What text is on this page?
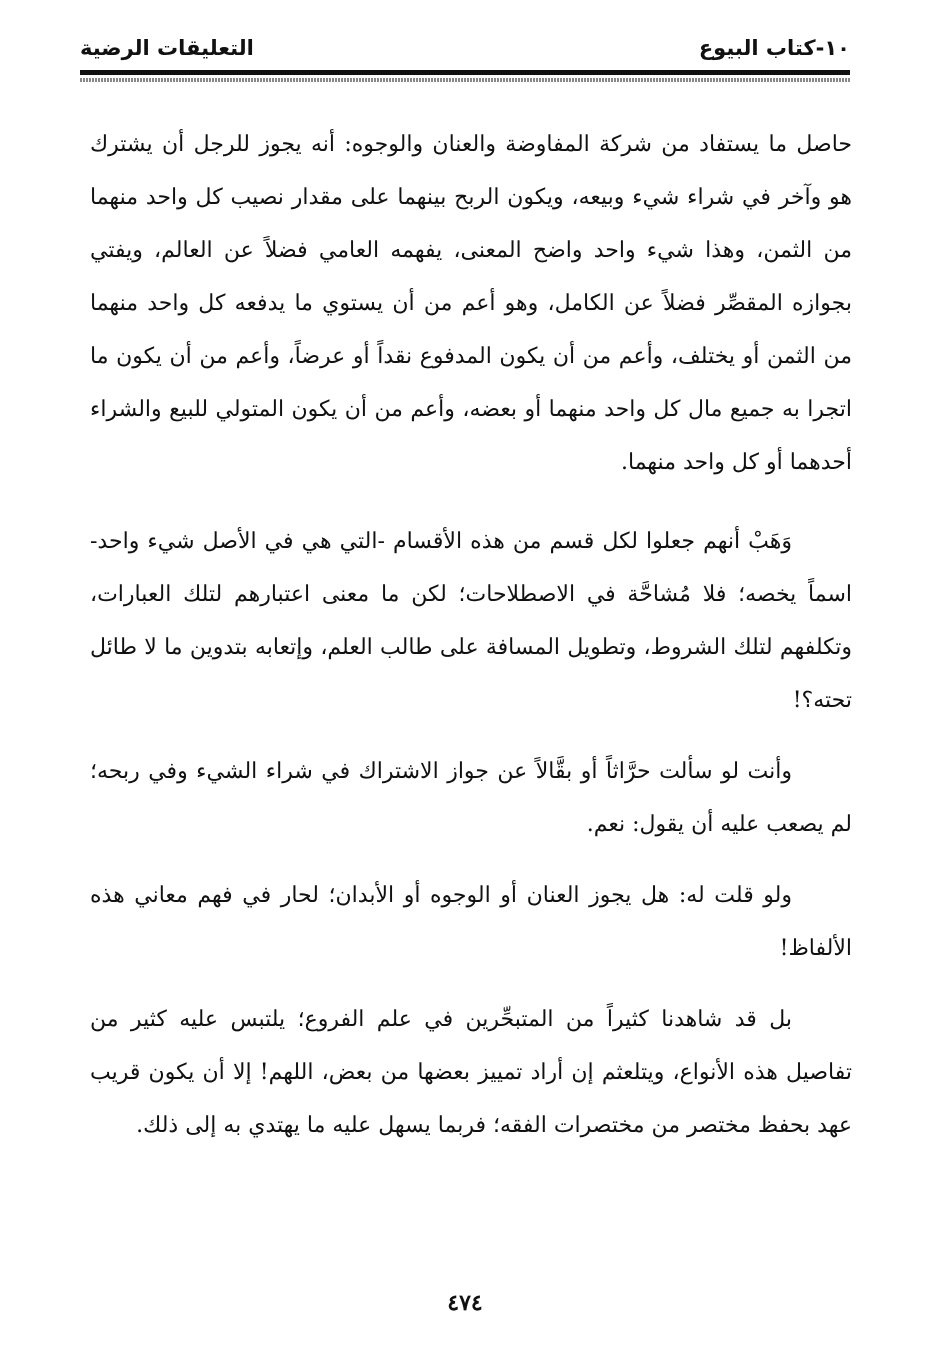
١٠-كتاب البيوع
التعليقات الرضية

حاصل ما يستفاد من شركة المفاوضة والعنان والوجوه: أنه يجوز للرجل أن يشترك هو وآخر في شراء شيء وبيعه، ويكون الربح بينهما على مقدار نصيب كل واحد منهما من الثمن، وهذا شيء واحد واضح المعنى، يفهمه العامي فضلاً عن العالم، ويفتي بجوازه المقصِّر فضلاً عن الكامل، وهو أعم من أن يستوي ما يدفعه كل واحد منهما من الثمن أو يختلف، وأعم من أن يكون المدفوع نقداً أو عرضاً، وأعم من أن يكون ما اتجرا به جميع مال كل واحد منهما أو بعضه، وأعم من أن يكون المتولي للبيع والشراء أحدهما أو كل واحد منهما.

وَهَبْ أنهم جعلوا لكل قسم من هذه الأقسام -التي هي في الأصل شيء واحد- اسماً يخصه؛ فلا مُشاحَّة في الاصطلاحات؛ لكن ما معنى اعتبارهم لتلك العبارات، وتكلفهم لتلك الشروط، وتطويل المسافة على طالب العلم، وإتعابه بتدوين ما لا طائل تحته؟!

وأنت لو سألت حرَّاثاً أو بقَّالاً عن جواز الاشتراك في شراء الشيء وفي ربحه؛ لم يصعب عليه أن يقول: نعم.

ولو قلت له: هل يجوز العنان أو الوجوه أو الأبدان؛ لحار في فهم معاني هذه الألفاظ!

بل قد شاهدنا كثيراً من المتبحِّرين في علم الفروع؛ يلتبس عليه كثير من تفاصيل هذه الأنواع، ويتلعثم إن أراد تمييز بعضها من بعض، اللهم! إلا أن يكون قريب عهد بحفظ مختصر من مختصرات الفقه؛ فربما يسهل عليه ما يهتدي به إلى ذلك.

٤٧٤
